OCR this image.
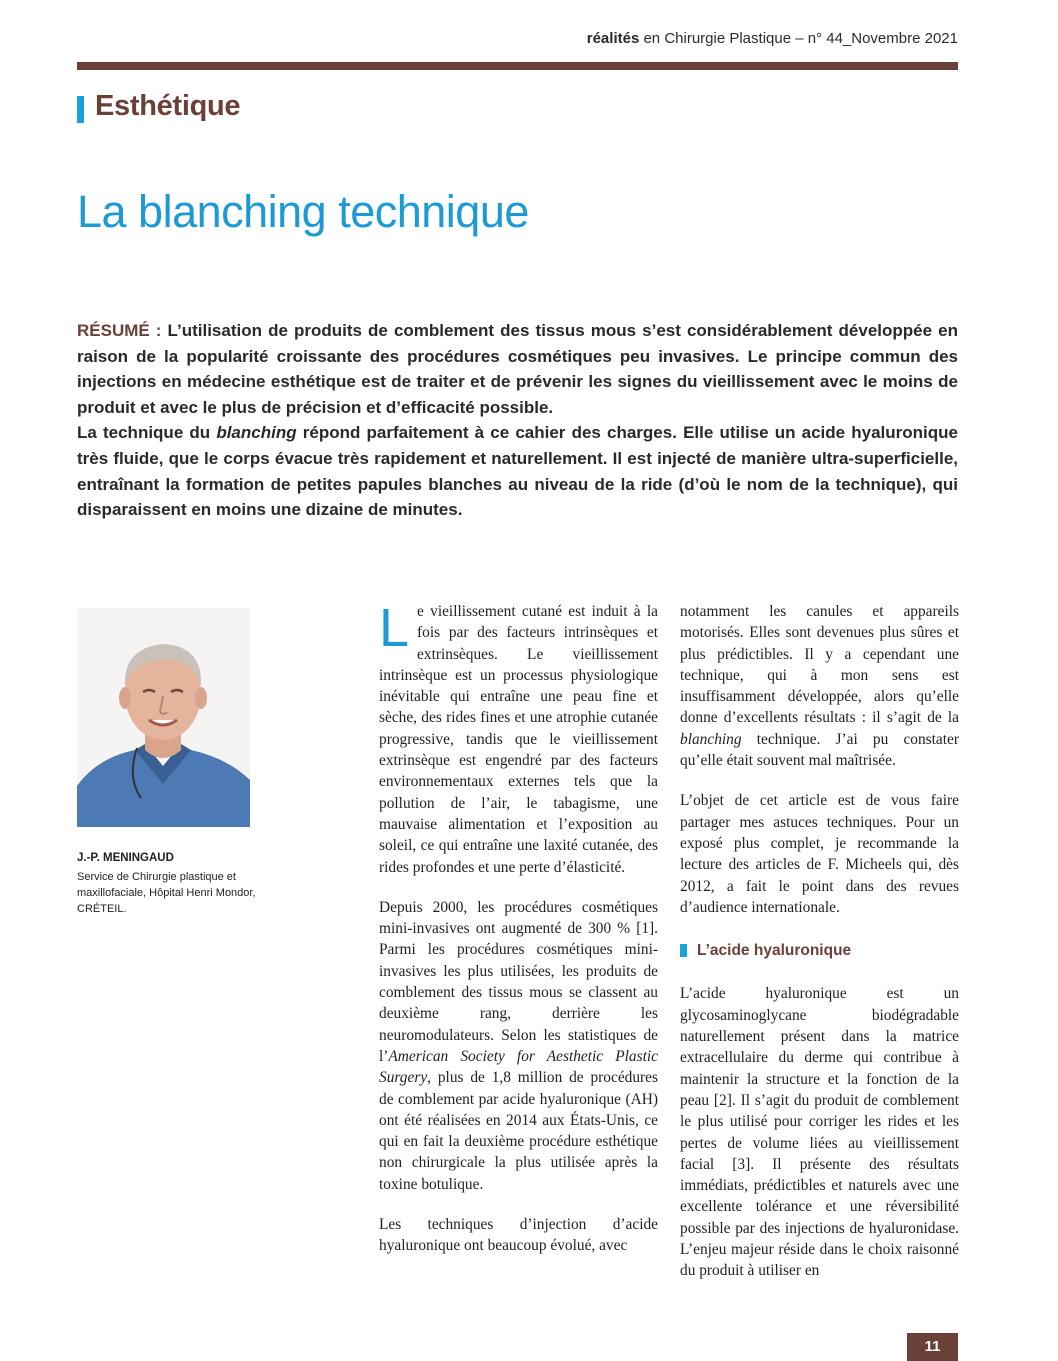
réalités en Chirurgie Plastique – n° 44_Novembre 2021
Esthétique
La blanching technique

RÉSUMÉ : L’utilisation de produits de comblement des tissus mous s’est considérablement développée en raison de la popularité croissante des procédures cosmétiques peu invasives. Le principe commun des injections en médecine esthétique est de traiter et de prévenir les signes du vieillissement avec le moins de produit et avec le plus de précision et d’efficacité possible.

La technique du blanching répond parfaitement à ce cahier des charges. Elle utilise un acide hyaluronique très fluide, que le corps évacue très rapidement et naturellement. Il est injecté de manière ultra-superficielle, entraînant la formation de petites papules blanches au niveau de la ride (d’où le nom de la technique), qui disparaissent en moins une dizaine de minutes.

J.-P. MENINGAUD
Service de Chirurgie plastique et maxillofaciale, Hôpital Henri Mondor, CRÉTEIL.

Le vieillissement cutané est induit à la fois par des facteurs intrinsèques et extrinsèques. Le vieillissement intrinsèque est un processus physiologique inévitable qui entraîne une peau fine et sèche, des rides fines et une atrophie cutanée progressive, tandis que le vieillissement extrinsèque est engendré par des facteurs environnementaux externes tels que la pollution de l’air, le tabagisme, une mauvaise alimentation et l’exposition au soleil, ce qui entraîne une laxité cutanée, des rides profondes et une perte d’élasticité.

Depuis 2000, les procédures cosmétiques mini-invasives ont augmenté de 300 % [1]. Parmi les procédures cosmétiques mini-invasives les plus utilisées, les produits de comblement des tissus mous se classent au deuxième rang, derrière les neuromodulateurs. Selon les statistiques de l’American Society for Aesthetic Plastic Surgery, plus de 1,8 million de procédures de comblement par acide hyaluronique (AH) ont été réalisées en 2014 aux États-Unis, ce qui en fait la deuxième procédure esthétique non chirurgicale la plus utilisée après la toxine botulique.

Les techniques d’injection d’acide hyaluronique ont beaucoup évolué, avec

notamment les canules et appareils motorisés. Elles sont devenues plus sûres et plus prédictibles. Il y a cependant une technique, qui à mon sens est insuffisamment développée, alors qu’elle donne d’excellents résultats : il s’agit de la blanching technique. J’ai pu constater qu’elle était souvent mal maîtrisée.

L’objet de cet article est de vous faire partager mes astuces techniques. Pour un exposé plus complet, je recommande la lecture des articles de F. Micheels qui, dès 2012, a fait le point dans des revues d’audience internationale.

L’acide hyaluronique

L’acide hyaluronique est un glycosaminoglycane biodégradable naturellement présent dans la matrice extracellulaire du derme qui contribue à maintenir la structure et la fonction de la peau [2]. Il s’agit du produit de comblement le plus utilisé pour corriger les rides et les pertes de volume liées au vieillissement facial [3]. Il présente des résultats immédiats, prédictibles et naturels avec une excellente tolérance et une réversibilité possible par des injections de hyaluronidase. L’enjeu majeur réside dans le choix raisonné du produit à utiliser en

11
